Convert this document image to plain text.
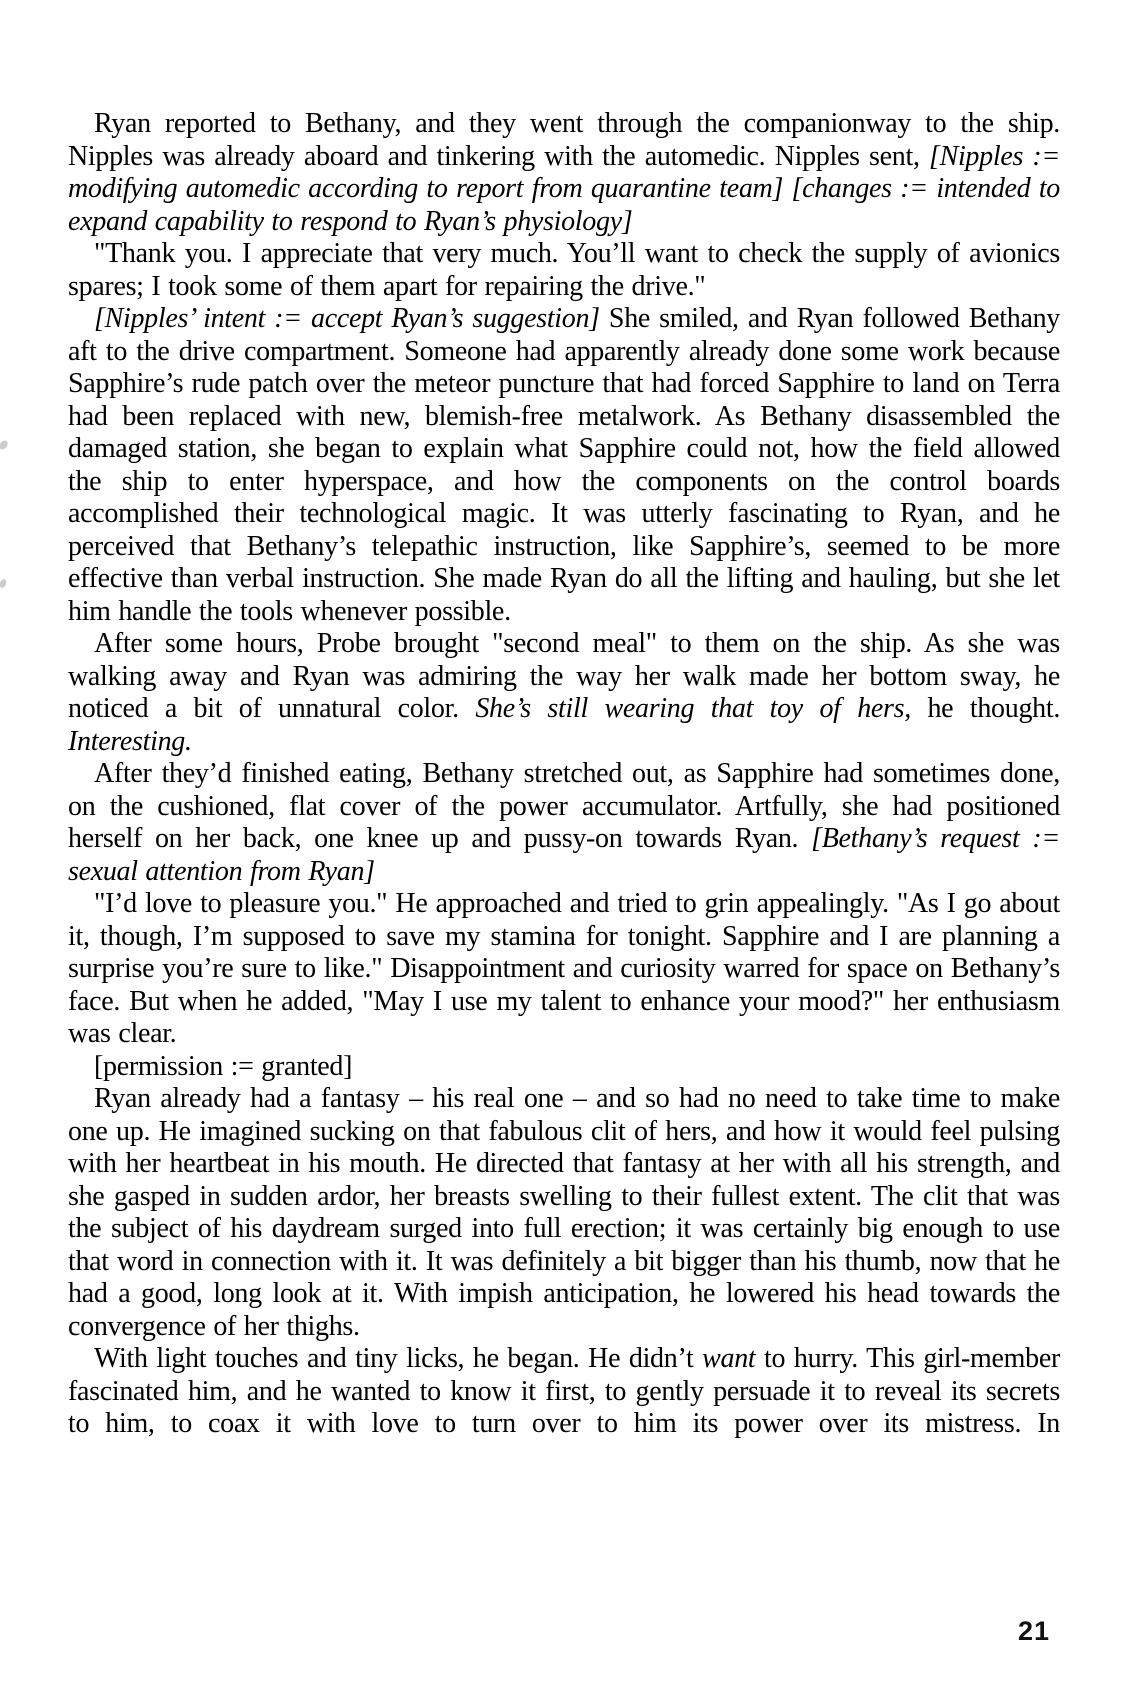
Ryan reported to Bethany, and they went through the companionway to the ship. Nipples was already aboard and tinkering with the automedic. Nipples sent, [Nipples := modifying automedic according to report from quarantine team] [changes := intended to expand capability to respond to Ryan’s physiology]

"Thank you. I appreciate that very much. You’ll want to check the supply of avionics spares; I took some of them apart for repairing the drive."

[Nipples’ intent := accept Ryan’s suggestion] She smiled, and Ryan followed Bethany aft to the drive compartment. Someone had apparently already done some work because Sapphire’s rude patch over the meteor puncture that had forced Sapphire to land on Terra had been replaced with new, blemish-free metalwork. As Bethany disassembled the damaged station, she began to explain what Sapphire could not, how the field allowed the ship to enter hyperspace, and how the components on the control boards accomplished their technological magic. It was utterly fascinating to Ryan, and he perceived that Bethany’s telepathic instruction, like Sapphire’s, seemed to be more effective than verbal instruction. She made Ryan do all the lifting and hauling, but she let him handle the tools whenever possible.

After some hours, Probe brought "second meal" to them on the ship. As she was walking away and Ryan was admiring the way her walk made her bottom sway, he noticed a bit of unnatural color. She’s still wearing that toy of hers, he thought. Interesting.

After they’d finished eating, Bethany stretched out, as Sapphire had sometimes done, on the cushioned, flat cover of the power accumulator. Artfully, she had positioned herself on her back, one knee up and pussy-on towards Ryan. [Bethany’s request := sexual attention from Ryan]

"I’d love to pleasure you." He approached and tried to grin appealingly. "As I go about it, though, I’m supposed to save my stamina for tonight. Sapphire and I are planning a surprise you’re sure to like." Disappointment and curiosity warred for space on Bethany’s face. But when he added, "May I use my talent to enhance your mood?" her enthusiasm was clear.

[permission := granted]

Ryan already had a fantasy – his real one – and so had no need to take time to make one up. He imagined sucking on that fabulous clit of hers, and how it would feel pulsing with her heartbeat in his mouth. He directed that fantasy at her with all his strength, and she gasped in sudden ardor, her breasts swelling to their fullest extent. The clit that was the subject of his daydream surged into full erection; it was certainly big enough to use that word in connection with it. It was definitely a bit bigger than his thumb, now that he had a good, long look at it. With impish anticipation, he lowered his head towards the convergence of her thighs.

With light touches and tiny licks, he began. He didn’t want to hurry. This girl-member fascinated him, and he wanted to know it first, to gently persuade it to reveal its secrets to him, to coax it with love to turn over to him its power over its mistress. In

21
